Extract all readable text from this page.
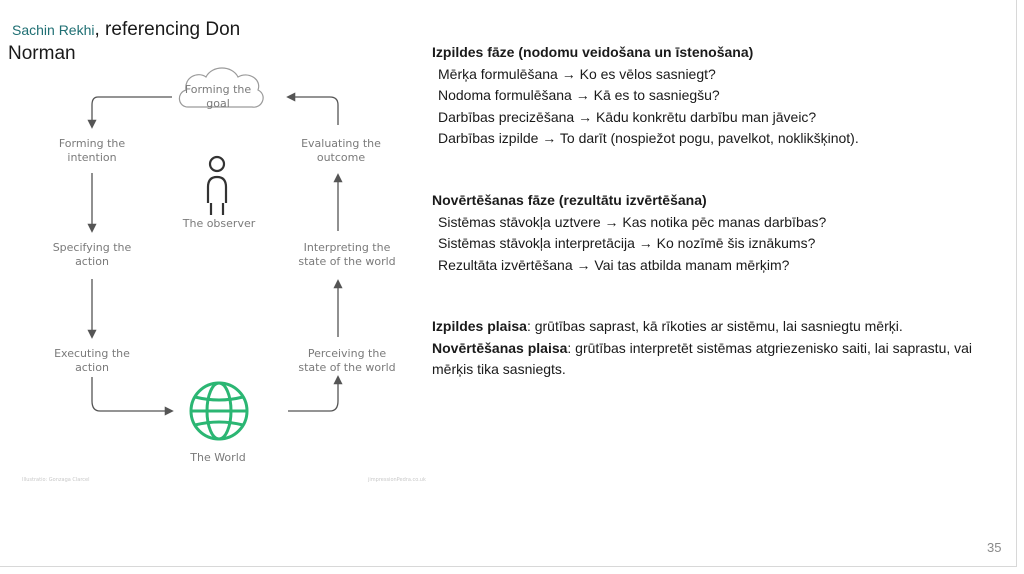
Sachin Rekhi, referencing Don Norman
Forming the
goal
Forming the
intention
Evaluating the
outcome
The observer
Specifying the
action
Interpreting the
state of the world
Executing the
action
Perceiving the
state of the world
The World
Illustratio: Gonzaga Clarcel	jimpressionPedra.co.uk
Izpildes fāze (nodomu veidošana un īstenošana)
Mērķa formulēšana → Ko es vēlos sasniegt?
Nodoma formulēšana → Kā es to sasniegšu?
Darbības precizēšana → Kādu konkrētu darbību man jāveic?
Darbības izpilde → To darīt (nospiežot pogu, pavelkot, noklikšķinot).
Novērtēšanas fāze (rezultātu izvērtēšana)
Sistēmas stāvokļa uztvere → Kas notika pēc manas darbības?
Sistēmas stāvokļa interpretācija → Ko nozīmē šis iznākums?
Rezultāta izvērtēšana → Vai tas atbilda manam mērķim?
Izpildes plaisa: grūtības saprast, kā rīkoties ar sistēmu, lai sasniegtu mērķi.
Novērtēšanas plaisa: grūtības interpretēt sistēmas atgriezenisko saiti, lai saprastu, vai mērķis tika sasniegts.
35
